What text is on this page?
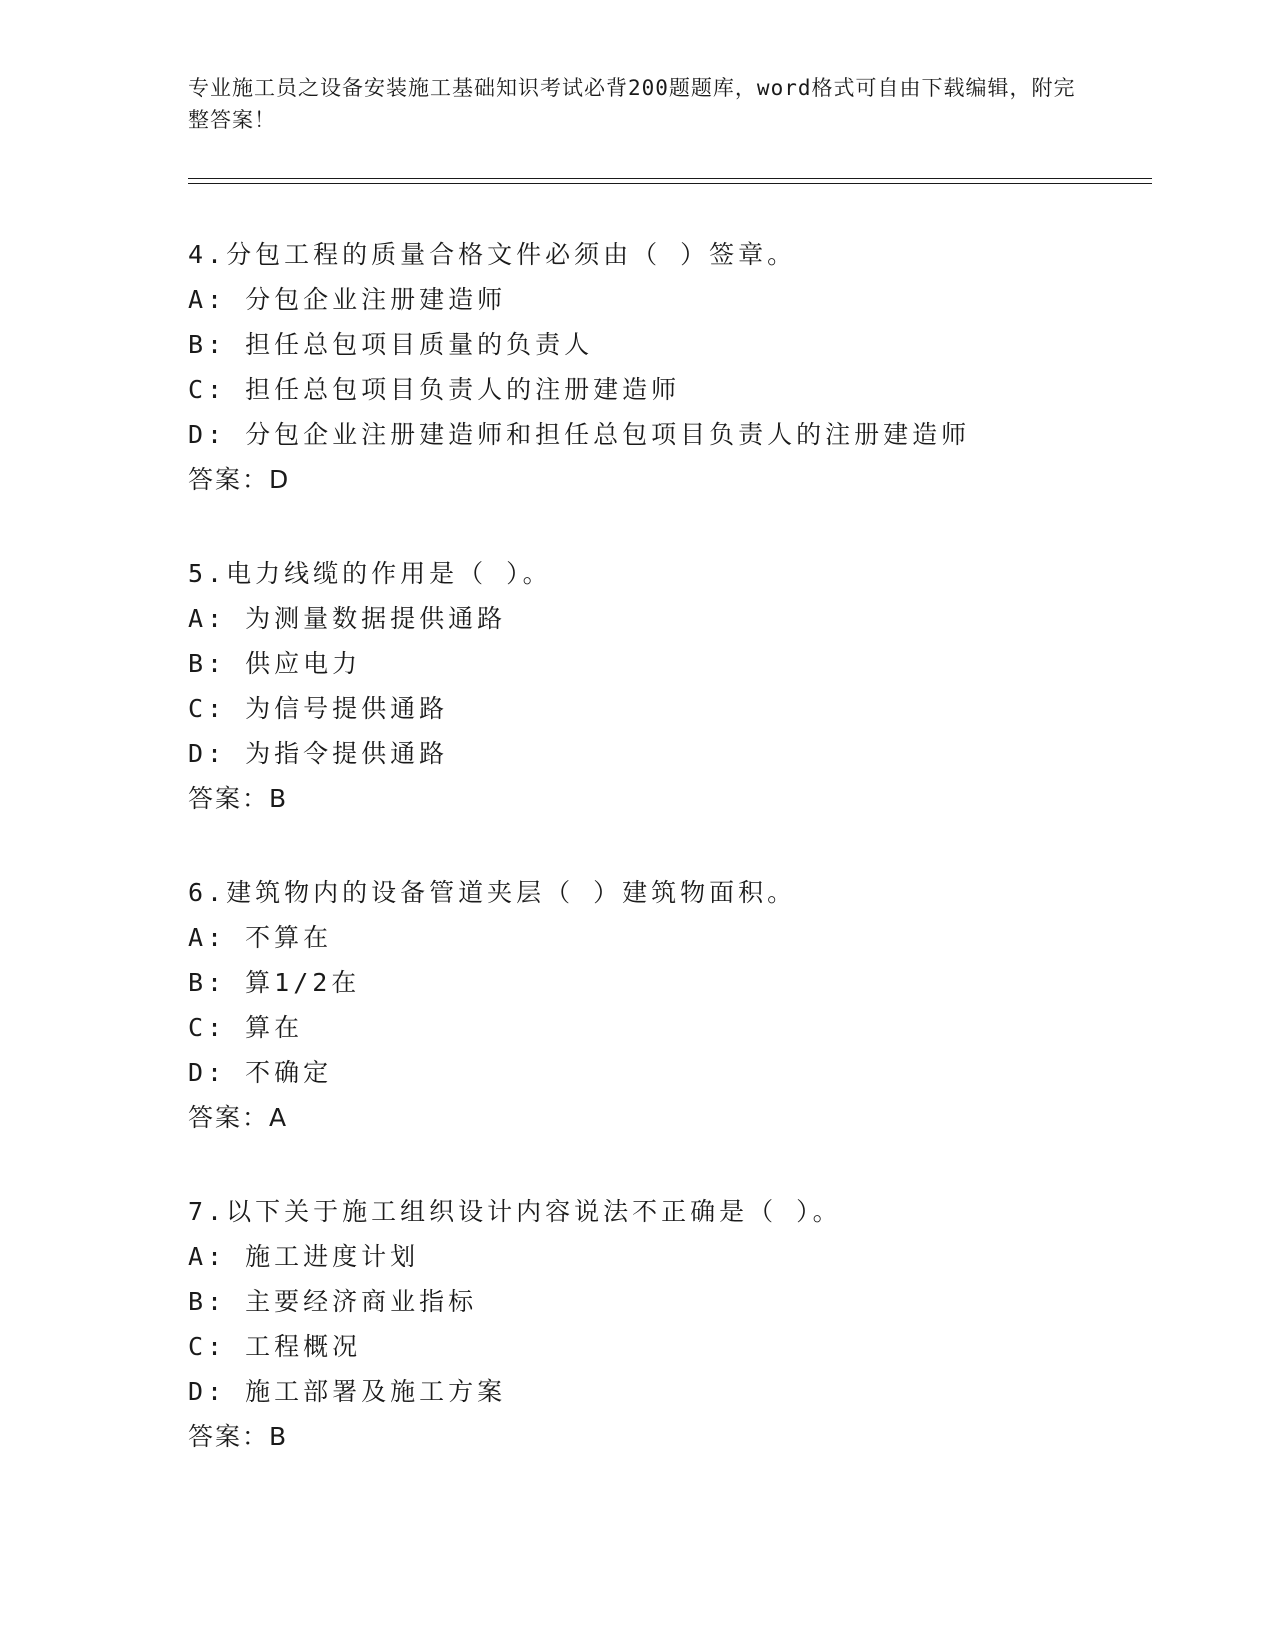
专业施工员之设备安装施工基础知识考试必背200题题库，word格式可自由下载编辑，附完整答案！
4.分包工程的质量合格文件必须由（ ）签章。
A: 分包企业注册建造师
B: 担任总包项目质量的负责人
C: 担任总包项目负责人的注册建造师
D: 分包企业注册建造师和担任总包项目负责人的注册建造师
答案：D
5.电力线缆的作用是（ ）。
A: 为测量数据提供通路
B: 供应电力
C: 为信号提供通路
D: 为指令提供通路
答案：B
6.建筑物内的设备管道夹层（ ）建筑物面积。
A: 不算在
B: 算1/2在
C: 算在
D: 不确定
答案：A
7.以下关于施工组织设计内容说法不正确是（ ）。
A: 施工进度计划
B: 主要经济商业指标
C: 工程概况
D: 施工部署及施工方案
答案：B
